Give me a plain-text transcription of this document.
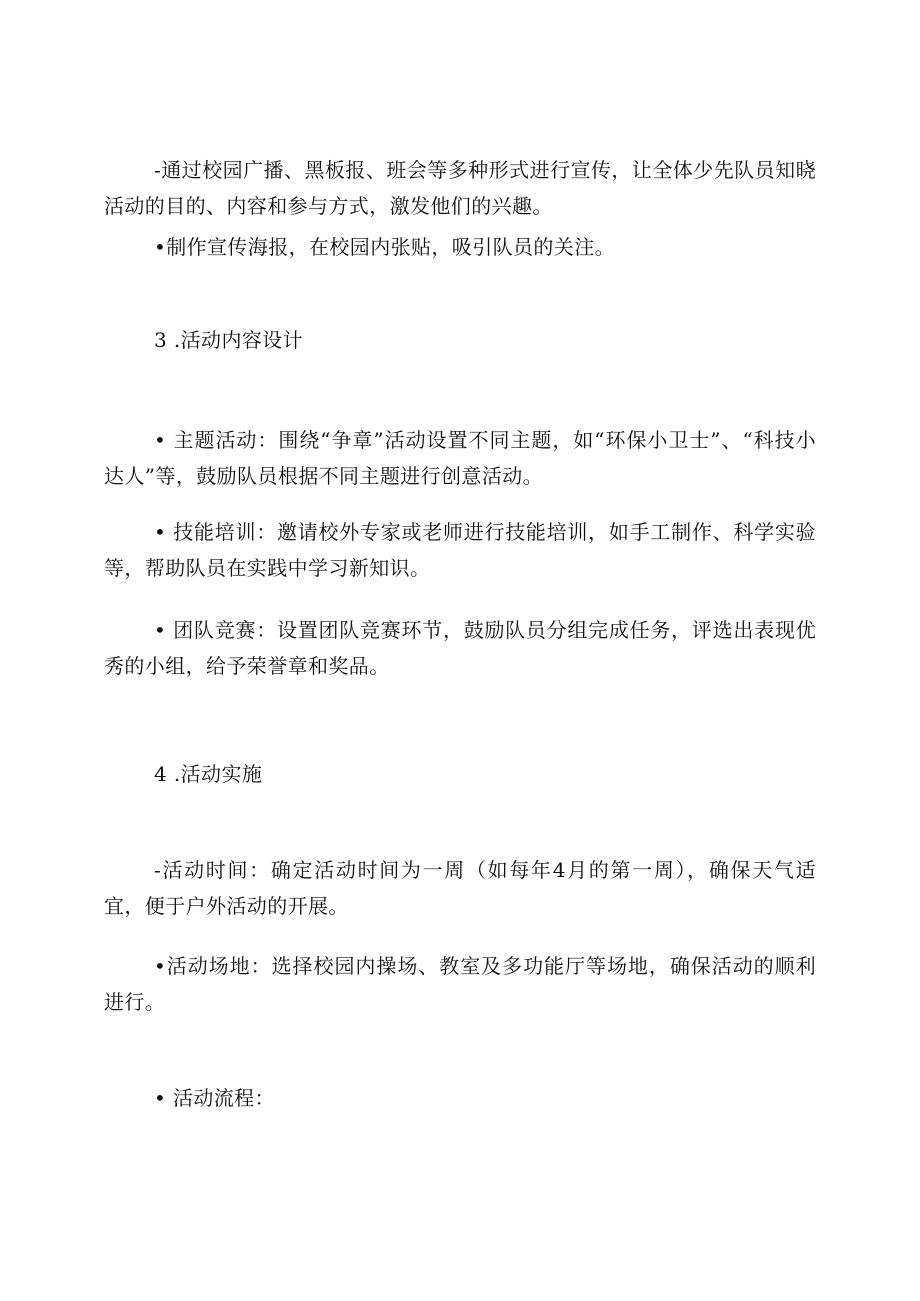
-通过校园广播、黑板报、班会等多种形式进行宣传，让全体少先队员知晓活动的目的、内容和参与方式，激发他们的兴趣。

•制作宣传海报，在校园内张贴，吸引队员的关注。

3 .活动内容设计

• 主题活动：围绕“争章”活动设置不同主题，如“环保小卫士”、“科技小达人”等，鼓励队员根据不同主题进行创意活动。

• 技能培训：邀请校外专家或老师进行技能培训，如手工制作、科学实验等，帮助队员在实践中学习新知识。

• 团队竞赛：设置团队竞赛环节，鼓励队员分组完成任务，评选出表现优秀的小组，给予荣誉章和奖品。

4 .活动实施

-活动时间：确定活动时间为一周（如每年4月的第一周），确保天气适宜，便于户外活动的开展。

•活动场地：选择校园内操场、教室及多功能厅等场地，确保活动的顺利进行。

• 活动流程：
